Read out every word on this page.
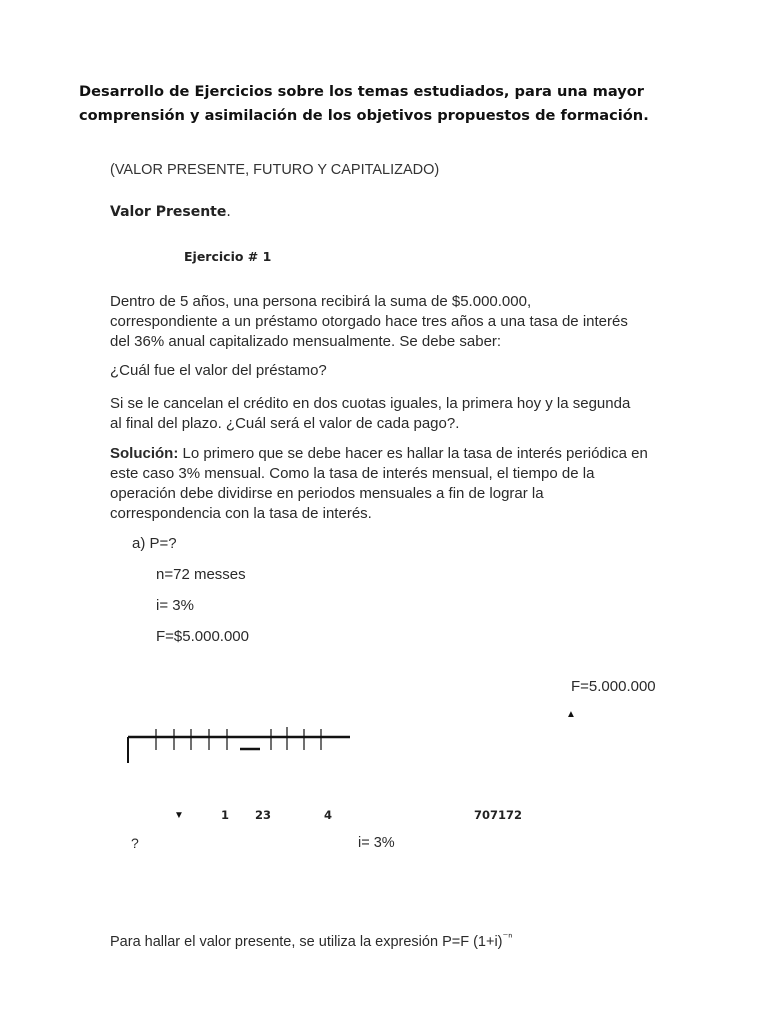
Desarrollo de Ejercicios sobre los temas estudiados, para una mayor
comprensión y asimilación de los objetivos propuestos de formación.
(VALOR PRESENTE, FUTURO Y CAPITALIZADO)
Valor Presente.
Ejercicio # 1
Dentro de 5 años, una persona recibirá la suma de $5.000.000,
correspondiente a un préstamo otorgado hace tres años a una tasa de interés
del 36% anual capitalizado mensualmente. Se debe saber:
¿Cuál fue el valor del préstamo?
Si se le cancelan el crédito en dos cuotas iguales, la primera hoy y la segunda
al final del plazo. ¿Cuál será el valor de cada pago?.
Solución: Lo primero que se debe hacer es hallar la tasa de interés periódica en
este caso 3% mensual. Como la tasa de interés mensual, el tiempo de la
operación debe dividirse en periodos mensuales a fin de lograr la
correspondencia con la tasa de interés.
a) P=?
n=72 messes
i= 3%
F=$5.000.000
F=5.000.000
▲
▼	1 23	4	707172
?	i= 3%
Para hallar el valor presente, se utiliza la expresión P=F $(1+i)^{^{-n}}$
